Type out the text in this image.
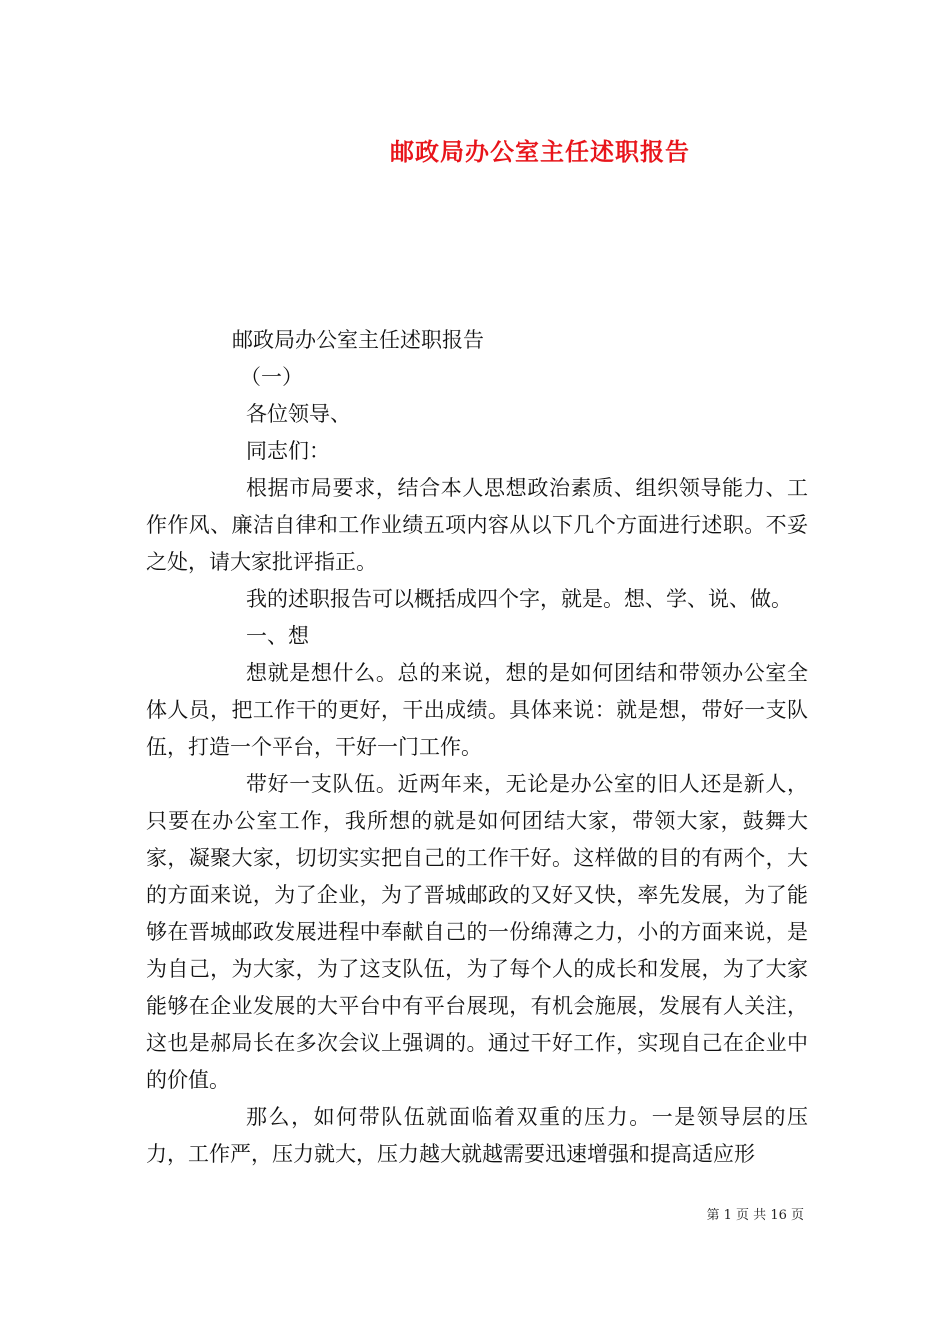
邮政局办公室主任述职报告

邮政局办公室主任述职报告

（一）

各位领导、

同志们：

根据市局要求，结合本人思想政治素质、组织领导能力、工作作风、廉洁自律和工作业绩五项内容从以下几个方面进行述职。不妥之处，请大家批评指正。

我的述职报告可以概括成四个字，就是。想、学、说、做。

一、想

想就是想什么。总的来说，想的是如何团结和带领办公室全体人员，把工作干的更好，干出成绩。具体来说：就是想，带好一支队伍，打造一个平台，干好一门工作。

带好一支队伍。近两年来，无论是办公室的旧人还是新人，只要在办公室工作，我所想的就是如何团结大家，带领大家，鼓舞大家，凝聚大家，切切实实把自己的工作干好。这样做的目的有两个，大的方面来说，为了企业，为了晋城邮政的又好又快，率先发展，为了能够在晋城邮政发展进程中奉献自己的一份绵薄之力，小的方面来说，是为自己，为大家，为了这支队伍，为了每个人的成长和发展，为了大家能够在企业发展的大平台中有平台展现，有机会施展，发展有人关注，这也是郝局长在多次会议上强调的。通过干好工作，实现自己在企业中的价值。

那么，如何带队伍就面临着双重的压力。一是领导层的压力，工作严，压力就大，压力越大就越需要迅速增强和提高适应形

第 1 页 共 16 页
